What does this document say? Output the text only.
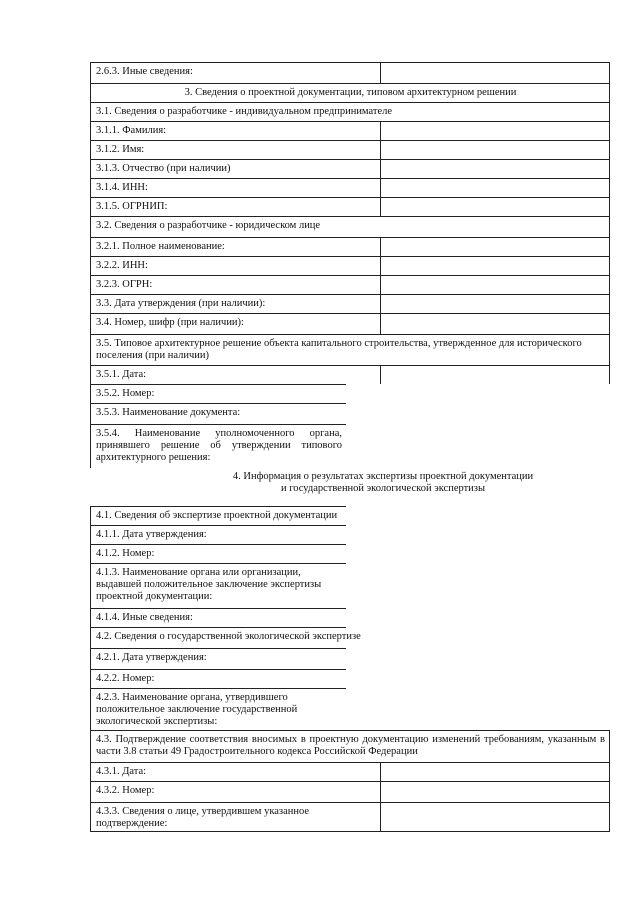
2.6.3. Иные сведения:
3. Сведения о проектной документации, типовом архитектурном решении
3.1. Сведения о разработчике - индивидуальном предпринимателе
3.1.1. Фамилия:
3.1.2. Имя:
3.1.3. Отчество (при наличии)
3.1.4. ИНН:
3.1.5. ОГРНИП:
3.2. Сведения о разработчике - юридическом лице
3.2.1. Полное наименование:
3.2.2. ИНН:
3.2.3. ОГРН:
3.3. Дата утверждения (при наличии):
3.4. Номер, шифр (при наличии):
3.5. Типовое архитектурное решение объекта капитального строительства, утвержденное для исторического поселения (при наличии)
3.5.1. Дата:
3.5.2. Номер:
3.5.3. Наименование документа:
3.5.4. Наименование уполномоченного органа, принявшего решение об утверждении типового архитектурного решения:
4. Информация о результатах экспертизы проектной документации
и государственной экологической экспертизы
4.1. Сведения об экспертизе проектной документации
4.1.1. Дата утверждения:
4.1.2. Номер:
4.1.3. Наименование органа или организации, выдавшей положительное заключение экспертизы проектной документации:
4.1.4. Иные сведения:
4.2. Сведения о государственной экологической экспертизе
4.2.1. Дата утверждения:
4.2.2. Номер:
4.2.3. Наименование органа, утвердившего положительное заключение государственной экологической экспертизы:
4.3. Подтверждение соответствия вносимых в проектную документацию изменений требованиям, указанным в части 3.8 статьи 49 Градостроительного кодекса Российской Федерации
4.3.1. Дата:
4.3.2. Номер:
4.3.3. Сведения о лице, утвердившем указанное подтверждение:
